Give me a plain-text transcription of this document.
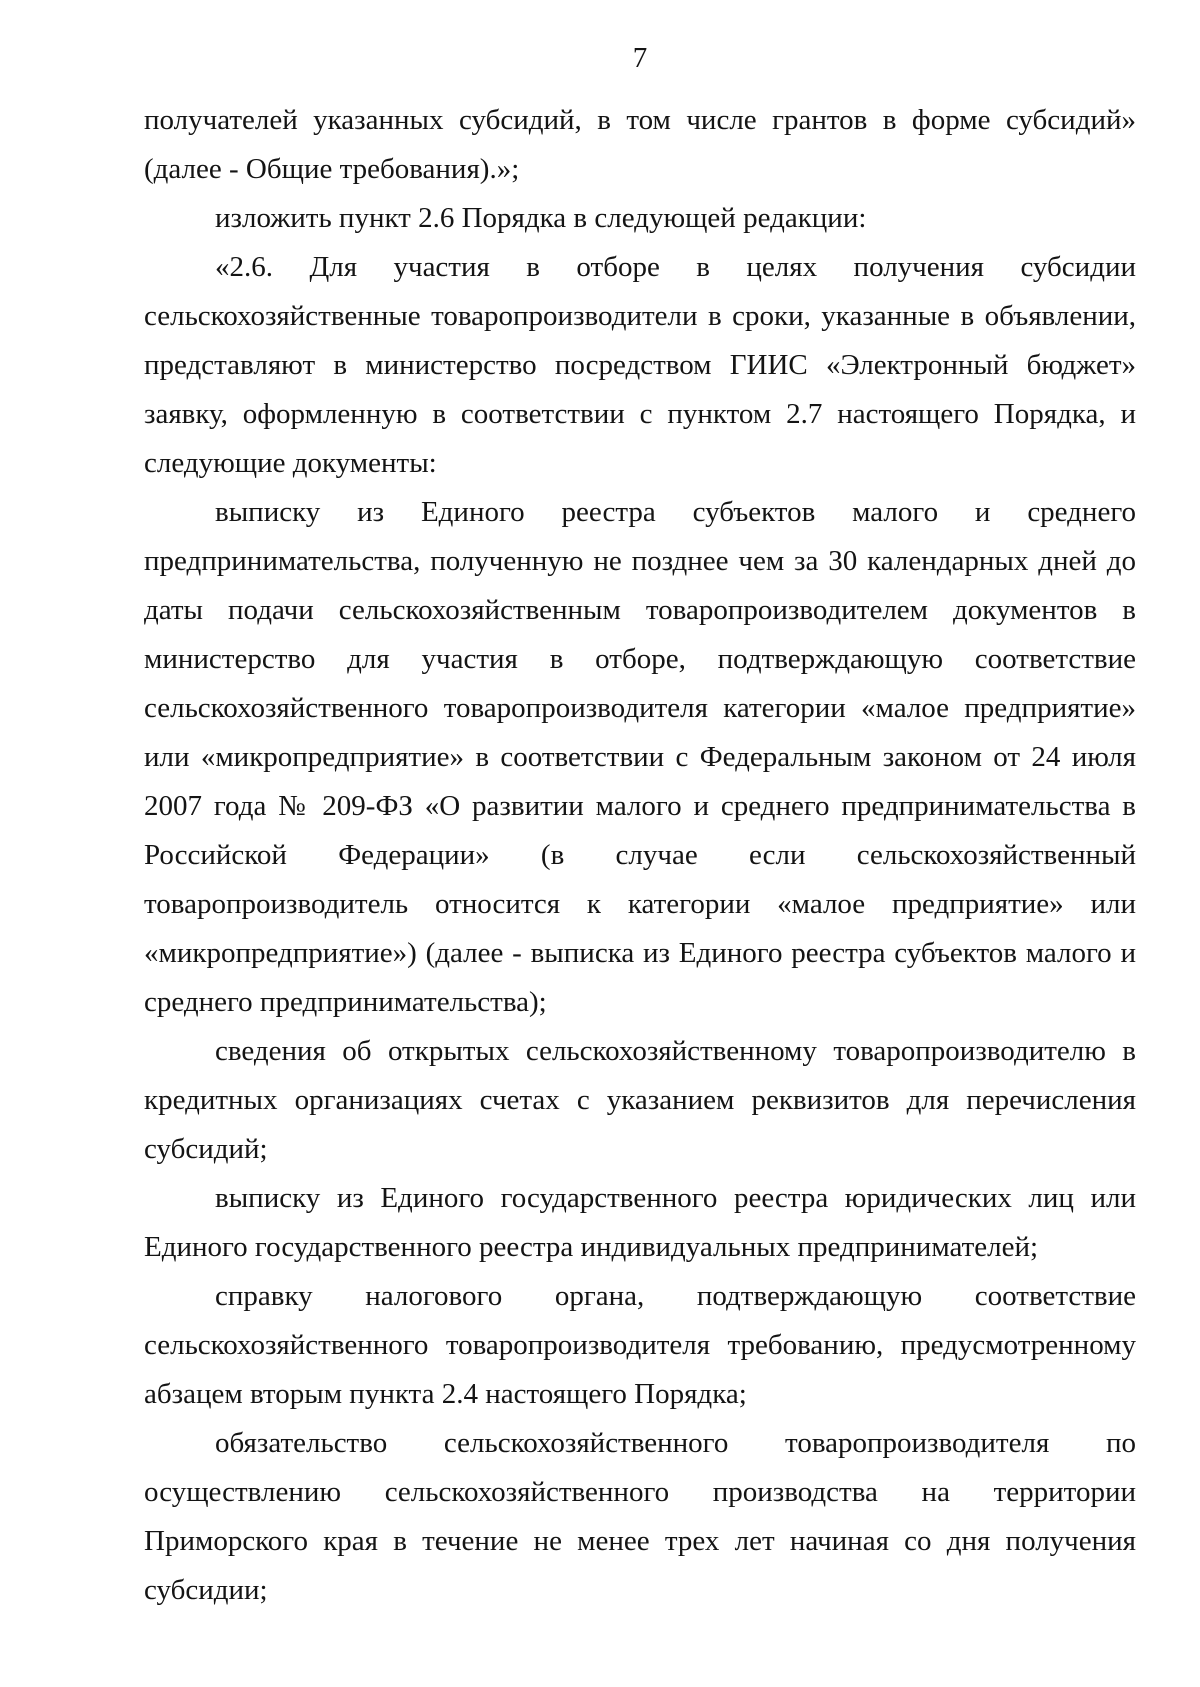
7

получателей указанных субсидий, в том числе грантов в форме субсидий» (далее - Общие требования).»;

изложить пункт 2.6 Порядка в следующей редакции:

«2.6. Для участия в отборе в целях получения субсидии сельскохозяйственные товаропроизводители в сроки, указанные в объявлении, представляют в министерство посредством ГИИС «Электронный бюджет» заявку, оформленную в соответствии с пунктом 2.7 настоящего Порядка, и следующие документы:

выписку из Единого реестра субъектов малого и среднего предпринимательства, полученную не позднее чем за 30 календарных дней до даты подачи сельскохозяйственным товаропроизводителем документов в министерство для участия в отборе, подтверждающую соответствие сельскохозяйственного товаропроизводителя категории «малое предприятие» или «микропредприятие» в соответствии с Федеральным законом от 24 июля 2007 года № 209-ФЗ «О развитии малого и среднего предпринимательства в Российской Федерации» (в случае если сельскохозяйственный товаропроизводитель относится к категории «малое предприятие» или «микропредприятие») (далее - выписка из Единого реестра субъектов малого и среднего предпринимательства);

сведения об открытых сельскохозяйственному товаропроизводителю в кредитных организациях счетах с указанием реквизитов для перечисления субсидий;

выписку из Единого государственного реестра юридических лиц или Единого государственного реестра индивидуальных предпринимателей;

справку налогового органа, подтверждающую соответствие сельскохозяйственного товаропроизводителя требованию, предусмотренному абзацем вторым пункта 2.4 настоящего Порядка;

обязательство сельскохозяйственного товаропроизводителя по осуществлению сельскохозяйственного производства на территории Приморского края в течение не менее трех лет начиная со дня получения субсидии;
